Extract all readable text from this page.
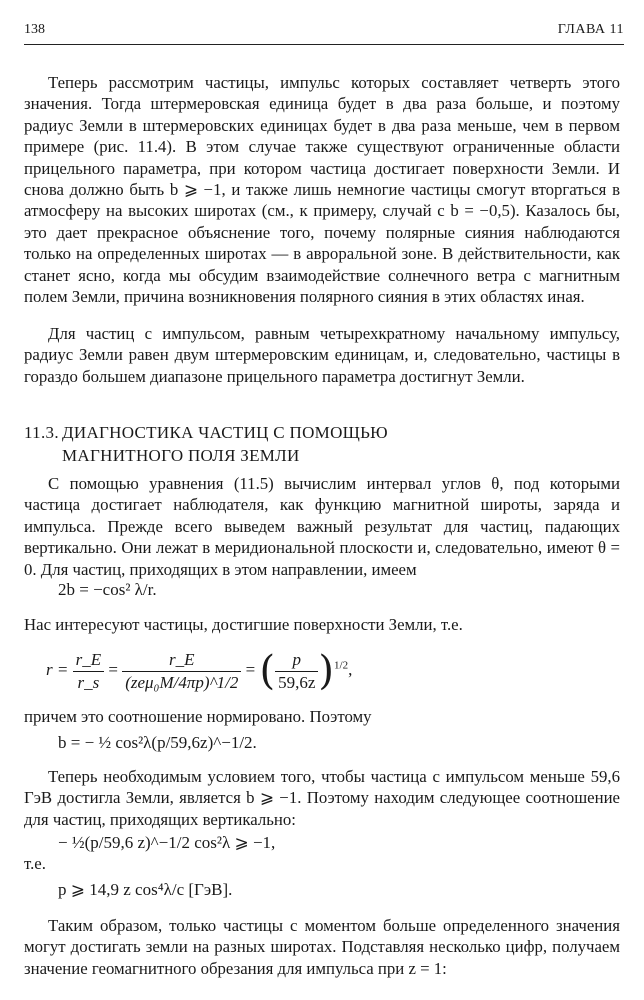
138	ГЛАВА 11

Теперь рассмотрим частицы, импульс которых составляет четверть этого значения. Тогда штермеровская единица будет в два раза больше, и поэтому радиус Земли в штермеровских единицах будет в два раза меньше, чем в первом примере (рис. 11.4). В этом случае также существуют ограниченные области прицельного параметра, при котором частица достигает поверхности Земли. И снова должно быть b ⩾ −1, и также лишь немногие частицы смогут вторгаться в атмосферу на высоких широтах (см., к примеру, случай с b = −0,5). Казалось бы, это дает прекрасное объяснение того, почему полярные сияния наблюдаются только на определенных широтах — в авроральной зоне. В действительности, как станет ясно, когда мы обсудим взаимодействие солнечного ветра с магнитным полем Земли, причина возникновения полярного сияния в этих областях иная.

Для частиц с импульсом, равным четырехкратному начальному импульсу, радиус Земли равен двум штермеровским единицам, и, следовательно, частицы в гораздо большем диапазоне прицельного параметра достигнут Земли.

11.3. ДИАГНОСТИКА ЧАСТИЦ С ПОМОЩЬЮ
МАГНИТНОГО ПОЛЯ ЗЕМЛИ

С помощью уравнения (11.5) вычислим интервал углов θ, под которыми частица достигает наблюдателя, как функцию магнитной широты, заряда и импульса. Прежде всего выведем важный результат для частиц, падающих вертикально. Они лежат в меридиональной плоскости и, следовательно, имеют θ = 0. Для частиц, приходящих в этом направлении, имеем

2b = −cos² λ/r.
Нас интересуют частицы, достигшие поверхности Земли, т.е.
$r = \frac{r\_E}{r\_s} = \frac{r\_E}{\text{(zeμ₀M/4πp)\textasciicircum{}1/2}}$ = ( $\frac{p}{59,6z} )^{1/2}$,
причем это соотношение нормировано. Поэтому
b = − ½ cos²λ(p/59,6z)^−1/2.

Теперь необходимым условием того, чтобы частица с импульсом меньше 59,6 ГэВ достигла Земли, является b ⩾ −1. Поэтому находим следующее соотношение для частиц, приходящих вертикально:

− ½(p/59,6 z)^−1/2 cos²λ ⩾ −1,
т.е.
p ⩾ 14,9 z cos⁴λ/c [ГэВ].

Таким образом, только частицы с моментом больше определенного значения могут достигать земли на разных широтах. Подставляя несколько цифр, получаем значение геомагнитного обрезания для импульса при z = 1:
